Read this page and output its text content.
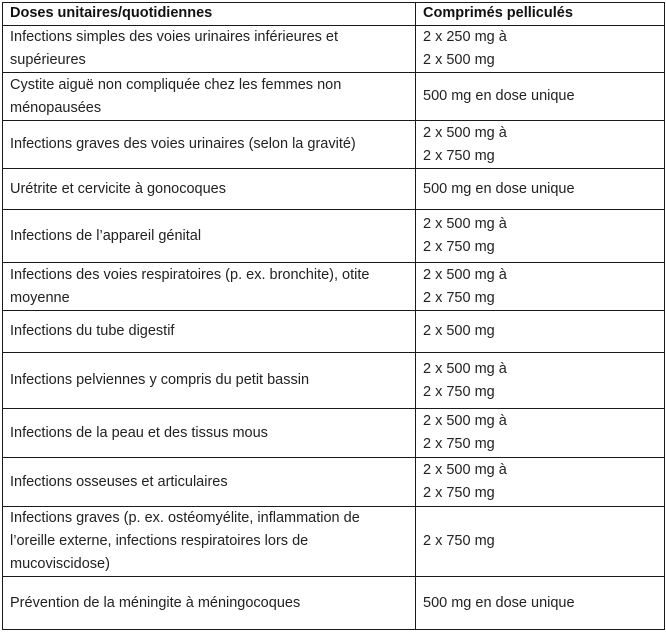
Doses unitaires/quotidiennes	Comprimés pelliculés
Infections simples des voies urinaires inférieures et supérieures	2 x 250 mg à
2 x 500 mg

Cystite aiguë non compliquée chez les femmes non ménopausées	500 mg en dose unique

Infections graves des voies urinaires (selon la gravité)	2 x 500 mg à
2 x 750 mg

Urétrite et cervicite à gonocoques	500 mg en dose unique

Infections de l’appareil génital	2 x 500 mg à
2 x 750 mg

Infections des voies respiratoires (p. ex. bronchite), otite moyenne	2 x 500 mg à
2 x 750 mg

Infections du tube digestif	2 x 500 mg

Infections pelviennes y compris du petit bassin	2 x 500 mg à
2 x 750 mg

Infections de la peau et des tissus mous	2 x 500 mg à
2 x 750 mg

Infections osseuses et articulaires	2 x 500 mg à
2 x 750 mg

Infections graves (p. ex. ostéomyélite, inflammation de l’oreille externe, infections respiratoires lors de mucoviscidose)	2 x 750 mg

Prévention de la méningite à méningocoques	500 mg en dose unique
